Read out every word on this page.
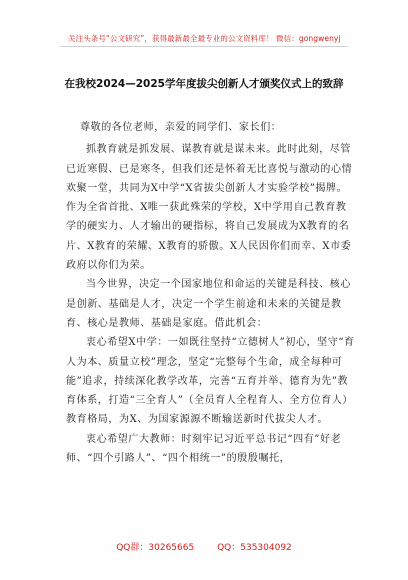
关注头条号“公文研究”，获得最新最全最专业的公文资料库！ 微信：gongwenyj
在我校2024—2025学年度拔尖创新人才颁奖仪式上的致辞

尊敬的各位老师，亲爱的同学们、家长们：

抓教育就是抓发展、谋教育就是谋未来。此时此刻，尽管已近寒假、已是寒冬，但我们还是怀着无比喜悦与激动的心情欢聚一堂，共同为X中学“X省拔尖创新人才实验学校”揭牌。作为全省首批、X唯一获此殊荣的学校，X中学用自己教育教学的硬实力、人才输出的硬指标，将自己发展成为X教育的名片、X教育的荣耀、X教育的骄傲。X人民因你们而幸、X市委政府以你们为荣。

当今世界，决定一个国家地位和命运的关键是科技、核心是创新、基础是人才，决定一个学生前途和未来的关键是教育、核心是教师、基础是家庭。借此机会：

衷心希望X中学：一如既往坚持“立德树人”初心，坚守“育人为本、质量立校”理念，坚定“完整每个生命，成全每种可能”追求，持续深化教学改革，完善“五育并举、德育为先”教育体系，打造“三全育人”（全员育人全程育人、全方位育人）教育格局，为X、为国家源源不断输送新时代拔尖人才。

衷心希望广大教师：时刻牢记习近平总书记“四有”好老师、“四个引路人”、“四个相统一”的殷殷嘱托，

QQ群：30265665	QQ：535304092
